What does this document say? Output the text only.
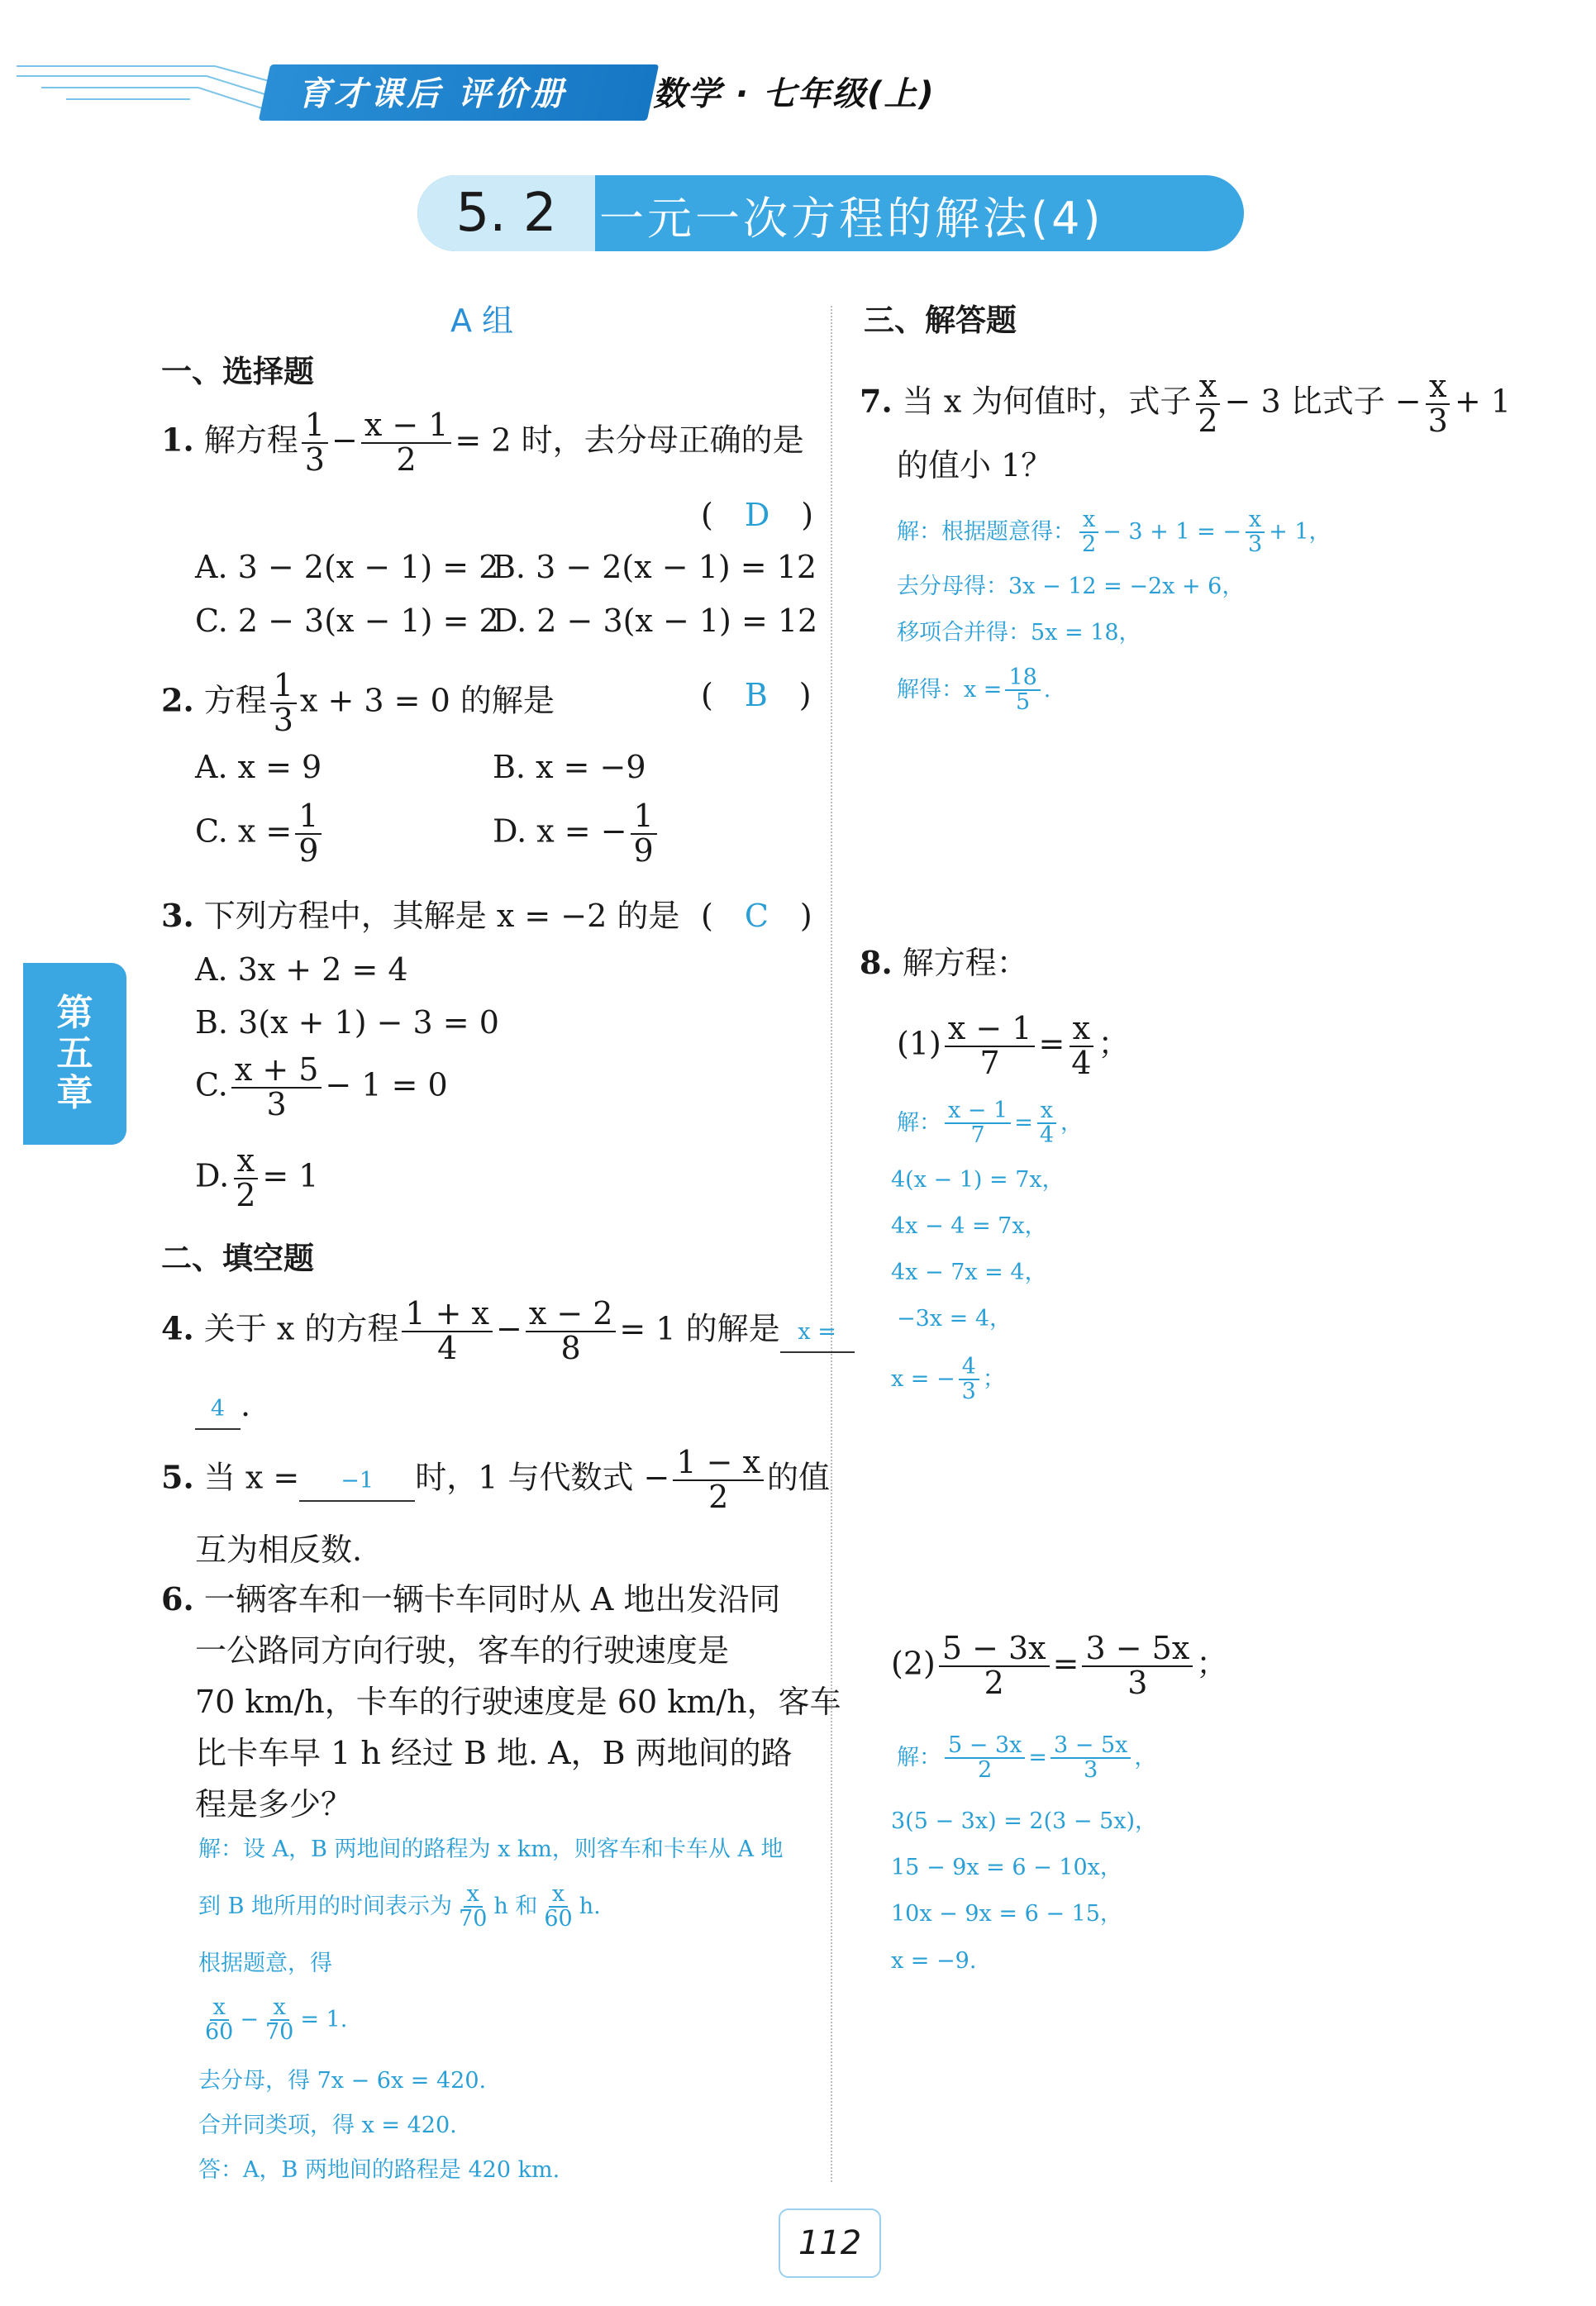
育才课后 评价册	数学 · 七年级(上)
5. 2 一元一次方程的解法(4)
第
五
章
A 组
一、选择题
1. 解方程 $\frac{1}{3} - \frac{x - 1}{2} = 2$ 时，去分母正确的是
(　D　)
A. 3 − 2(x − 1) = 2
B. 3 − 2(x − 1) = 12
C. 2 − 3(x − 1) = 2
D. 2 − 3(x − 1) = 12
2. 方程 $\frac{1}{3}$ x + 3 = 0 的解是	(　B　)
A. x = 9	B. x = −9
C. $x = \frac{1}{9}$	D. x = − $\frac{1}{9}$
3. 下列方程中，其解是 x = −2 的是 (　C　)
A. 3x + 2 = 4
B. 3(x + 1) − 3 = 0
C. $\frac{x + 5}{3} - 1 = 0$
D. $\frac{x}{2} = 1$
二、填空题
4. 关于 x 的方程 $\frac{1 + x}{4} - \frac{x - 2}{8} = 1$ 的解是 x =
4 .
5. 当 x = −1 时，1 与代数式 − $\frac{1 - x}{2}$ 的值
互为相反数.
6. 一辆客车和一辆卡车同时从 A 地出发沿同
一公路同方向行驶，客车的行驶速度是
70 km/h，卡车的行驶速度是 60 km/h，客车
比卡车早 1 h 经过 B 地. A，B 两地间的路
程是多少？
解：设 A，B 两地间的路程为 x km，则客车和卡车从 A 地
到 B 地所用的时间表示为 $\frac{x}{70}$ h 和 $\frac{x}{60} h$.
根据题意，得
$\frac{x}{60} - \frac{x}{70} = 1$.
去分母，得 7x − 6x = 420.
合并同类项，得 x = 420.
答：A，B 两地间的路程是 420 km.
三、解答题
7. 当 x 为何值时，式子 $\frac{x}{2} - 3$ 比式子 − $\frac{x}{3} + 1$
的值小 1？
解：根据题意得： $\frac{x}{2} - 3 + 1$ = − $\frac{x}{3} + 1$，
去分母得：3x − 12 = −2x + 6，
移项合并得：5x = 18，
解得：$x = \frac{18}{5}$ .
8. 解方程：
$(1) \frac{x - 1}{7} = \frac{x}{4}$ ；
解： $\frac{x - 1}{7} = \frac{x}{4}$ ，
4(x − 1) = 7x，
4x − 4 = 7x，
4x − 7x = 4，
−3x = 4，
x = − $\frac{4}{3}$ ；
$(2) \frac{5 - 3x}{2} = \frac{3 - 5x}{3}$ ；
解： $\frac{5 - 3x}{2} = \frac{3 - 5x}{3}$ ，
3(5 − 3x) = 2(3 − 5x)，
15 − 9x = 6 − 10x，
10x − 9x = 6 − 15，
x = −9.
112
